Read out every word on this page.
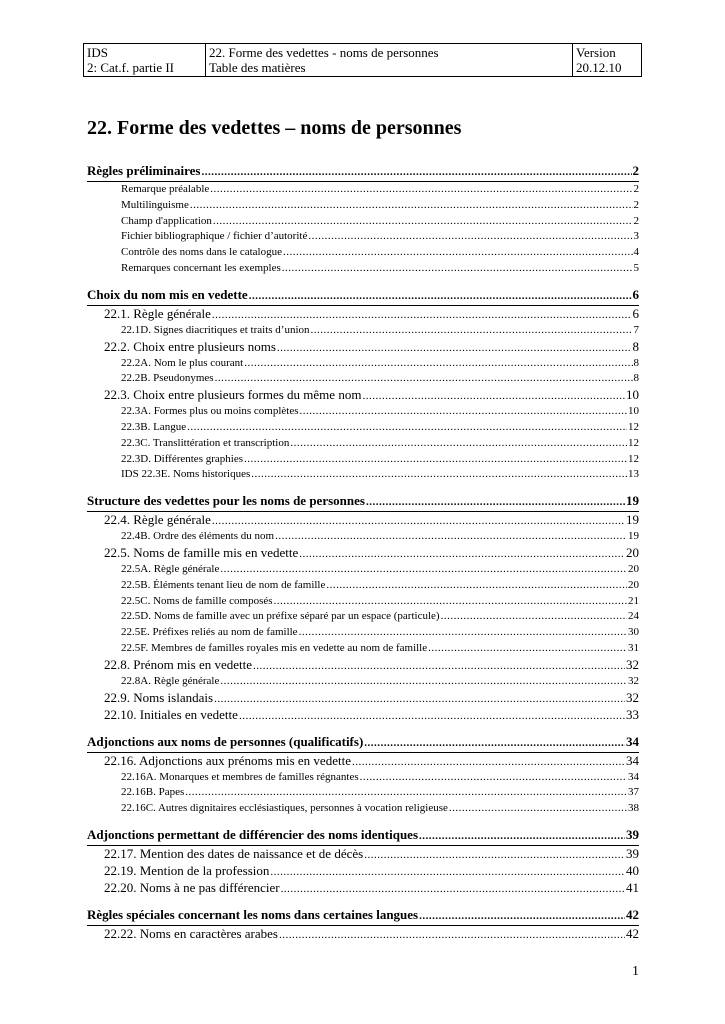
IDS
2: Cat.f. partie II

22. Forme des vedettes - noms de personnes
Table des matières

Version
20.12.10
22. Forme des vedettes – noms de personnes
Règles préliminaires .....	2
Remarque préalable .....	2
Multilinguisme .....	2
Champ d'application .....	2
Fichier bibliographique / fichier d’autorité .....	3
Contrôle des noms dans le catalogue .....	4
Remarques concernant les exemples .....	5
Choix du nom mis en vedette .....	6
22.1. Règle générale .....	6
22.1D. Signes diacritiques et traits d’union .....	7
22.2. Choix entre plusieurs noms .....	8
22.2A. Nom le plus courant .....	8
22.2B. Pseudonymes .....	8
22.3. Choix entre plusieurs formes du même nom .....	10
22.3A. Formes plus ou moins complètes .....	10
22.3B. Langue .....	12
22.3C. Translittération et transcription .....	12
22.3D. Différentes graphies .....	12
IDS 22.3E. Noms historiques .....	13
Structure des vedettes pour les noms de personnes .....	19
22.4. Règle générale .....	19
22.4B. Ordre des éléments du nom .....	19
22.5. Noms de famille mis en vedette .....	20
22.5A. Règle générale .....	20
22.5B. Éléments tenant lieu de nom de famille .....	20
22.5C. Noms de famille composés .....	21
22.5D. Noms de famille avec un préfixe séparé par un espace (particule) .....	24
22.5E. Préfixes reliés au nom de famille .....	30
22.5F. Membres de familles royales mis en vedette au nom de famille .....	31
22.8. Prénom mis en vedette .....	32
22.8A. Règle générale .....	32
22.9. Noms islandais .....	32
22.10. Initiales en vedette .....	33
Adjonctions aux noms de personnes (qualificatifs) .....	34
22.16. Adjonctions aux prénoms mis en vedette .....	34
22.16A. Monarques et membres de familles régnantes .....	34
22.16B. Papes .....	37
22.16C. Autres dignitaires ecclésiastiques, personnes à vocation religieuse .....	38
Adjonctions permettant de différencier des noms identiques .....	39
22.17. Mention des dates de naissance et de décès .....	39
22.19. Mention de la profession .....	40
22.20. Noms à ne pas différencier .....	41
Règles spéciales concernant les noms dans certaines langues .....	42
22.22. Noms en caractères arabes .....	42
1
